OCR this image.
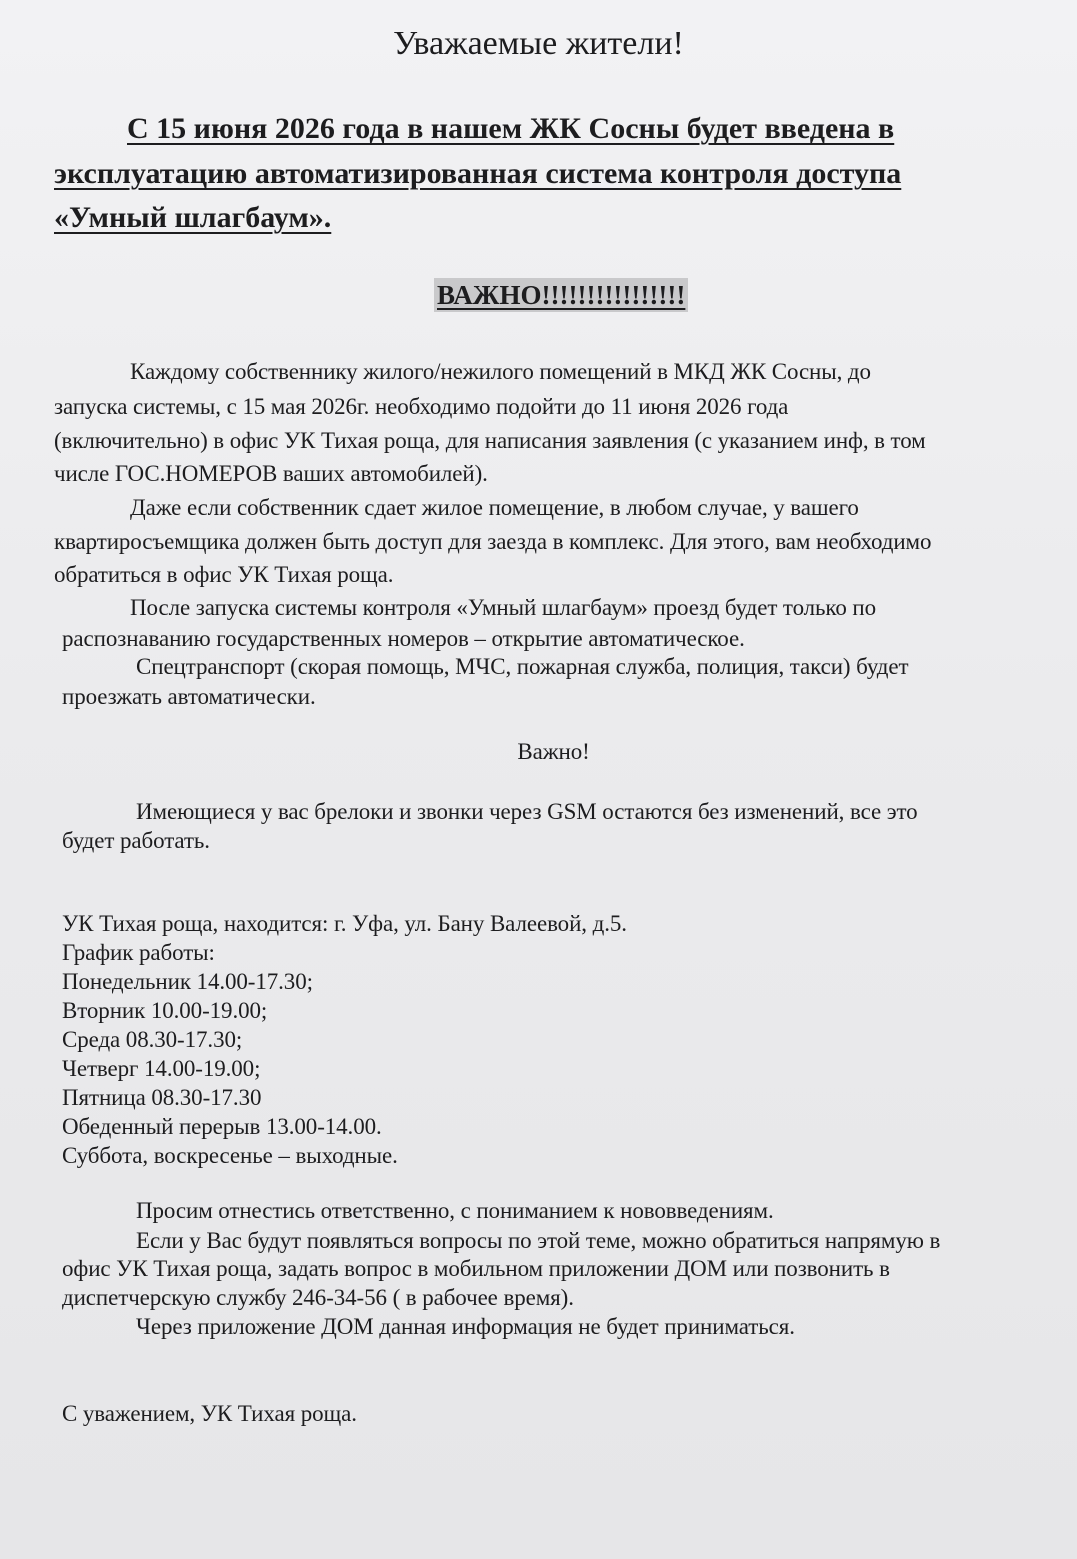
Уважаемые жители!
С 15 июня 2026 года в нашем ЖК Сосны будет введена в
эксплуатацию автоматизированная система контроля доступа
«Умный шлагбаум».
ВАЖНО!!!!!!!!!!!!!!!!
Каждому собственнику жилого/нежилого помещений в МКД ЖК Сосны, до
запуска системы, с 15 мая 2026г. необходимо подойти до 11 июня 2026 года
(включительно) в офис УК Тихая роща, для написания заявления (с указанием инф, в том
числе ГОС.НОМЕРОВ ваших автомобилей).
Даже если собственник сдает жилое помещение, в любом случае, у вашего
квартиросъемщика должен быть доступ для заезда в комплекс. Для этого, вам необходимо
обратиться в офис УК Тихая роща.
После запуска системы контроля «Умный шлагбаум» проезд будет только по
распознаванию государственных номеров – открытие автоматическое.
Спецтранспорт (скорая помощь, МЧС, пожарная служба, полиция, такси) будет
проезжать автоматически.
Важно!
Имеющиеся у вас брелоки и звонки через GSM остаются без изменений, все это
будет работать.
УК Тихая роща, находится: г. Уфа, ул. Бану Валеевой, д.5.
График работы:
Понедельник 14.00-17.30;
Вторник 10.00-19.00;
Среда 08.30-17.30;
Четверг 14.00-19.00;
Пятница 08.30-17.30
Обеденный перерыв 13.00-14.00.
Суббота, воскресенье – выходные.
Просим отнестись ответственно, с пониманием к нововведениям.
Если у Вас будут появляться вопросы по этой теме, можно обратиться напрямую в
офис УК Тихая роща, задать вопрос в мобильном приложении ДОМ или позвонить в
диспетчерскую службу 246-34-56 ( в рабочее время).
Через приложение ДОМ данная информация не будет приниматься.
С уважением, УК Тихая роща.
